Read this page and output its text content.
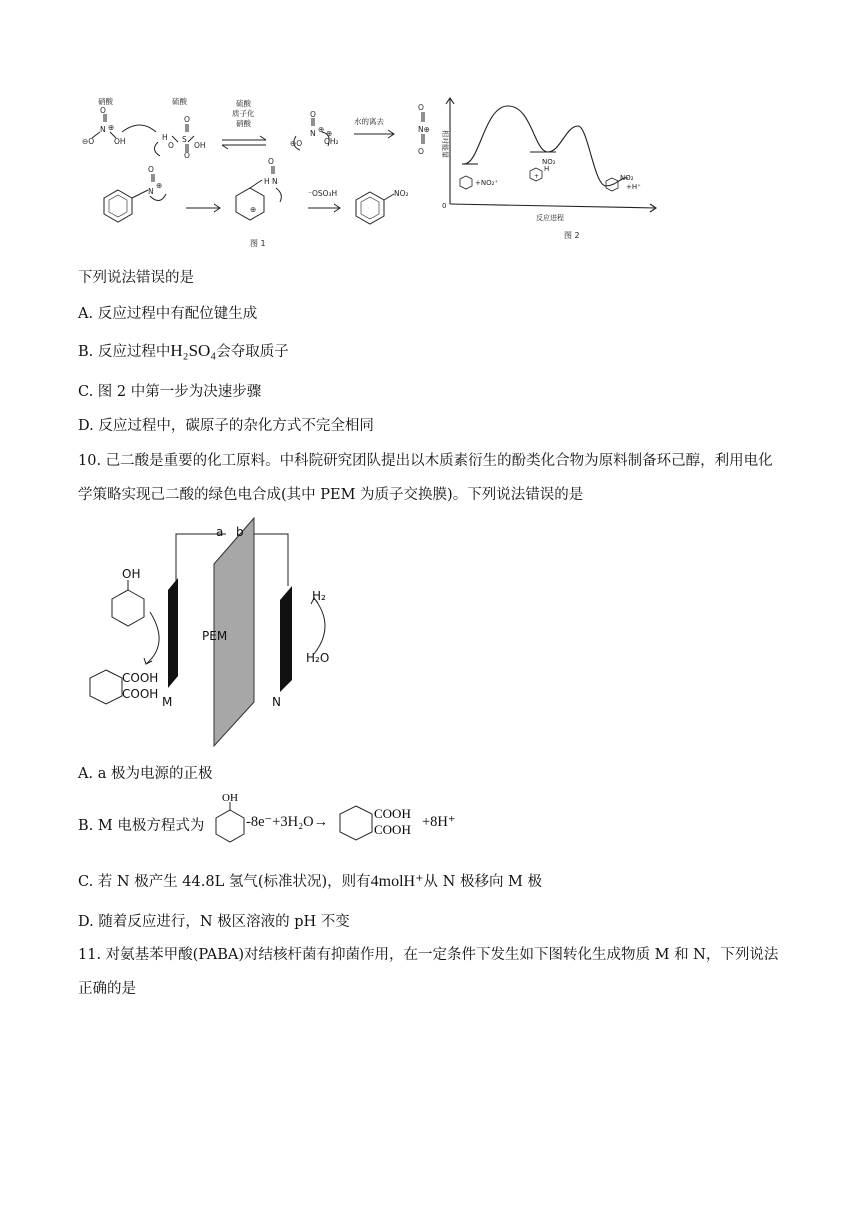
硝酸
O
N ⊕
⊖O	OH
硫酸
H
O
S
O
O
OH
硫酸
质子化
硝酸
O
N ⊕
⊖O	OH₂
⊕
水的离去
O
N⊕
O
O
N
⊕	H
O
N
⊕
⁻OSO₃H	NO₂
图 1
相对能量
0
反应进程
+NO₂⁺
+
NO₂
H
NO₂
+H⁺
图 2
下列说法错误的是
A. 反应过程中有配位键生成
B. 反应过程中H₂SO₄会夺取质子
C. 图 2 中第一步为决速步骤
D. 反应过程中，碳原子的杂化方式不完全相同
10. 己二酸是重要的化工原料。中科院研究团队提出以木质素衍生的酚类化合物为原料制备环己醇，利用电化学策略实现己二酸的绿色电合成(其中 PEM 为质子交换膜)。下列说法错误的是
a b
PEM
OH
COOH
COOH
M	N
H₂
H₂O
A. a 极为电源的正极
B. M 电极方程式为
OH
-8e⁻+3H₂O→
COOH
COOH +8H⁺
C. 若 N 极产生 44.8L 氢气(标准状况)，则有4molH⁺从 N 极移向 M 极
D. 随着反应进行，N 极区溶液的 pH 不变
11. 对氨基苯甲酸(PABA)对结核杆菌有抑菌作用，在一定条件下发生如下图转化生成物质 M 和 N，下列说法正确的是
